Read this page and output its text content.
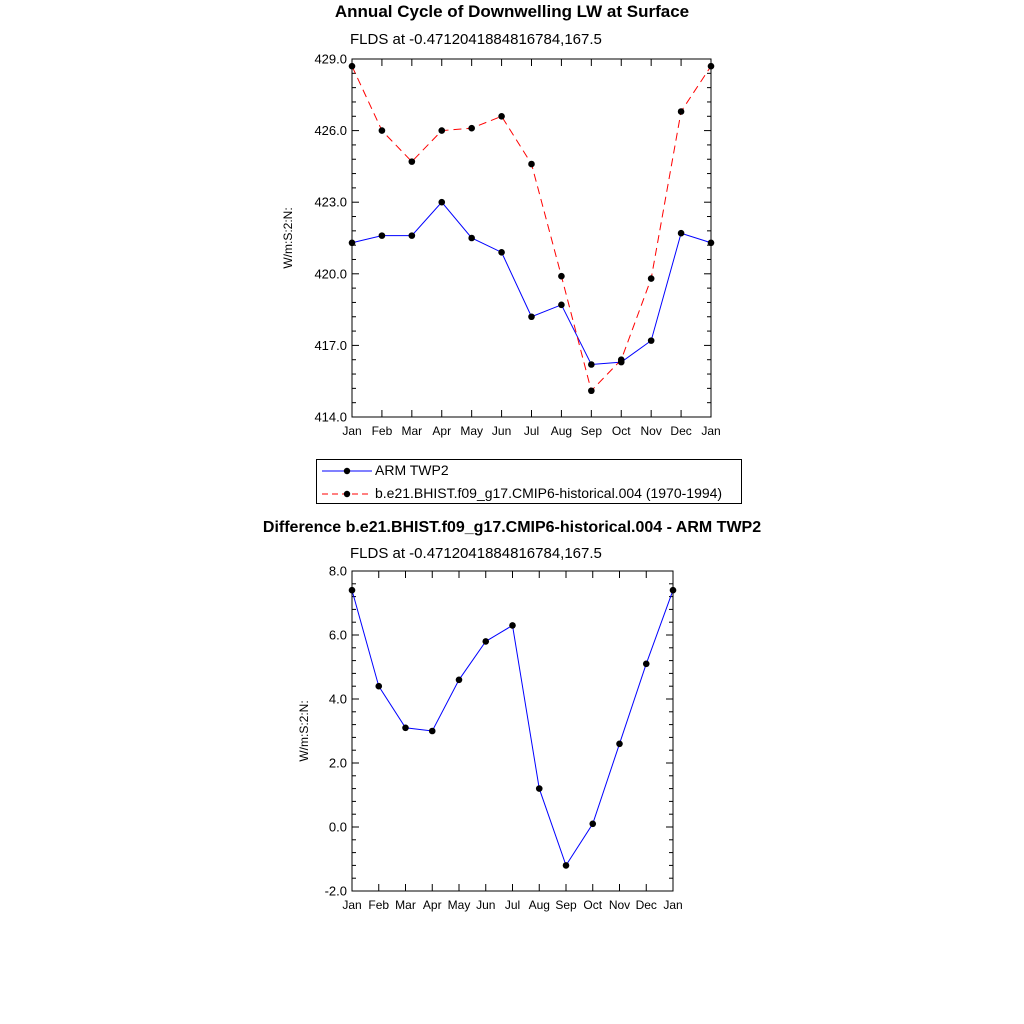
Annual Cycle of Downwelling LW at Surface
FLDS at -0.4712041884816784,167.5
Difference b.e21.BHIST.f09_g17.CMIP6-historical.004 - ARM TWP2
FLDS at -0.4712041884816784,167.5
ARM TWP2
b.e21.BHIST.f09_g17.CMIP6-historical.004 (1970-1994)
414.0
417.0
420.0
423.0
426.0
429.0
Jan Feb Mar Apr May Jun Jul Aug Sep Oct Nov Dec Jan
W/m:S:2:N:
-2.0
0.0
2.0
4.0
6.0
8.0
Jan Feb Mar Apr May Jun Jul Aug Sep Oct Nov Dec Jan
W/m:S:2:N:
